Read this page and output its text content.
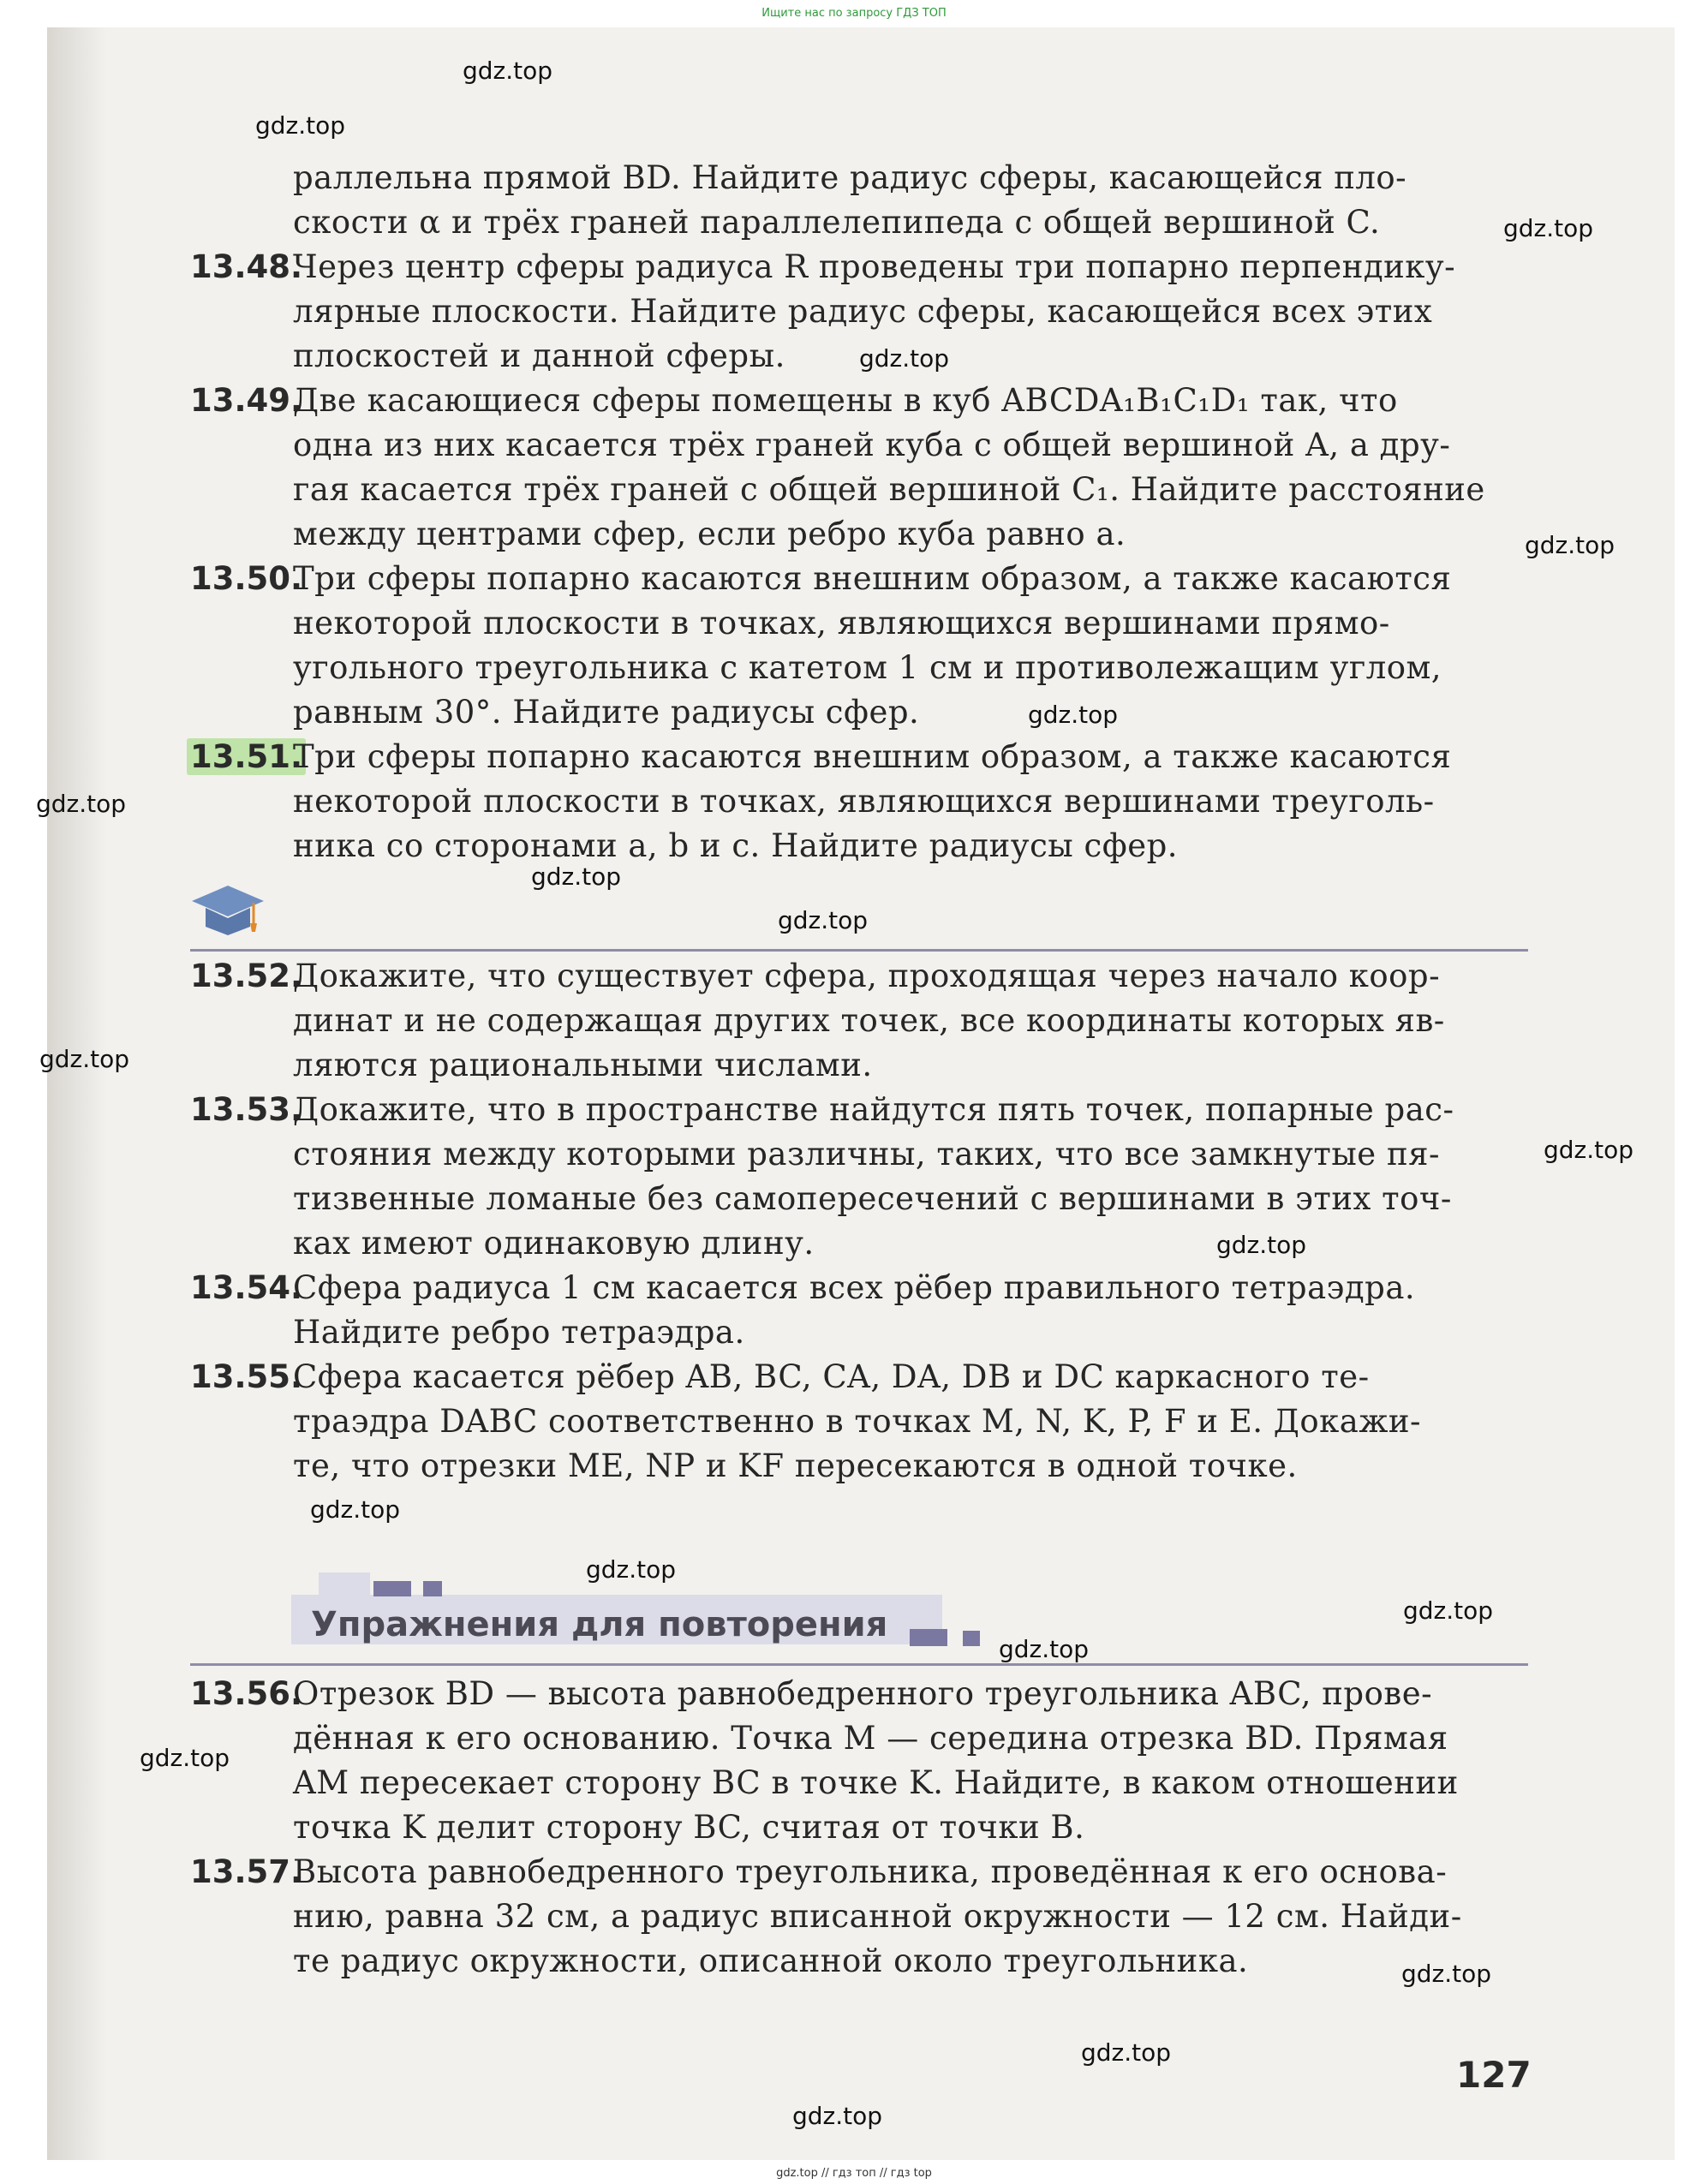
Ищите нас по запросу ГДЗ ТОП
gdz.top
gdz.top
gdz.top
gdz.top
gdz.top
gdz.top
gdz.top
gdz.top
gdz.top
gdz.top
gdz.top
gdz.top
gdz.top
gdz.top
gdz.top
gdz.top
gdz.top
gdz.top
gdz.top
gdz.top
раллельна прямой BD. Найдите радиус сферы, касающейся пло-
скости α и трёх граней параллелепипеда с общей вершиной C.
13.48.
Через центр сферы радиуса R проведены три попарно перпендику-
лярные плоскости. Найдите радиус сферы, касающейся всех этих
плоскостей и данной сферы.
13.49.
Две касающиеся сферы помещены в куб ABCDA₁B₁C₁D₁ так, что
одна из них касается трёх граней куба с общей вершиной A, а дру-
гая касается трёх граней с общей вершиной C₁. Найдите расстояние
между центрами сфер, если ребро куба равно a.
13.50.
Три сферы попарно касаются внешним образом, а также касаются
некоторой плоскости в точках, являющихся вершинами прямо-
угольного треугольника с катетом 1 см и противолежащим углом,
равным 30°. Найдите радиусы сфер.
13.51.
Три сферы попарно касаются внешним образом, а также касаются
некоторой плоскости в точках, являющихся вершинами треуголь-
ника со сторонами a, b и c. Найдите радиусы сфер.
13.52.
Докажите, что существует сфера, проходящая через начало коор-
динат и не содержащая других точек, все координаты которых яв-
ляются рациональными числами.
13.53.
Докажите, что в пространстве найдутся пять точек, попарные рас-
стояния между которыми различны, таких, что все замкнутые пя-
тизвенные ломаные без самопересечений с вершинами в этих точ-
ках имеют одинаковую длину.
13.54.
Сфера радиуса 1 см касается всех рёбер правильного тетраэдра.
Найдите ребро тетраэдра.
13.55.
Сфера касается рёбер AB, BC, CA, DA, DB и DC каркасного те-
траэдра DABC соответственно в точках M, N, K, P, F и E. Докажи-
те, что отрезки ME, NP и KF пересекаются в одной точке.
Упражнения для повторения
13.56.
Отрезок BD — высота равнобедренного треугольника ABC, прове-
дённая к его основанию. Точка M — середина отрезка BD. Прямая
AM пересекает сторону BC в точке K. Найдите, в каком отношении
точка K делит сторону BC, считая от точки B.
13.57.
Высота равнобедренного треугольника, проведённая к его основа-
нию, равна 32 см, а радиус вписанной окружности — 12 см. Найди-
те радиус окружности, описанной около треугольника.
127
gdz.top // гдз топ // гдз top
